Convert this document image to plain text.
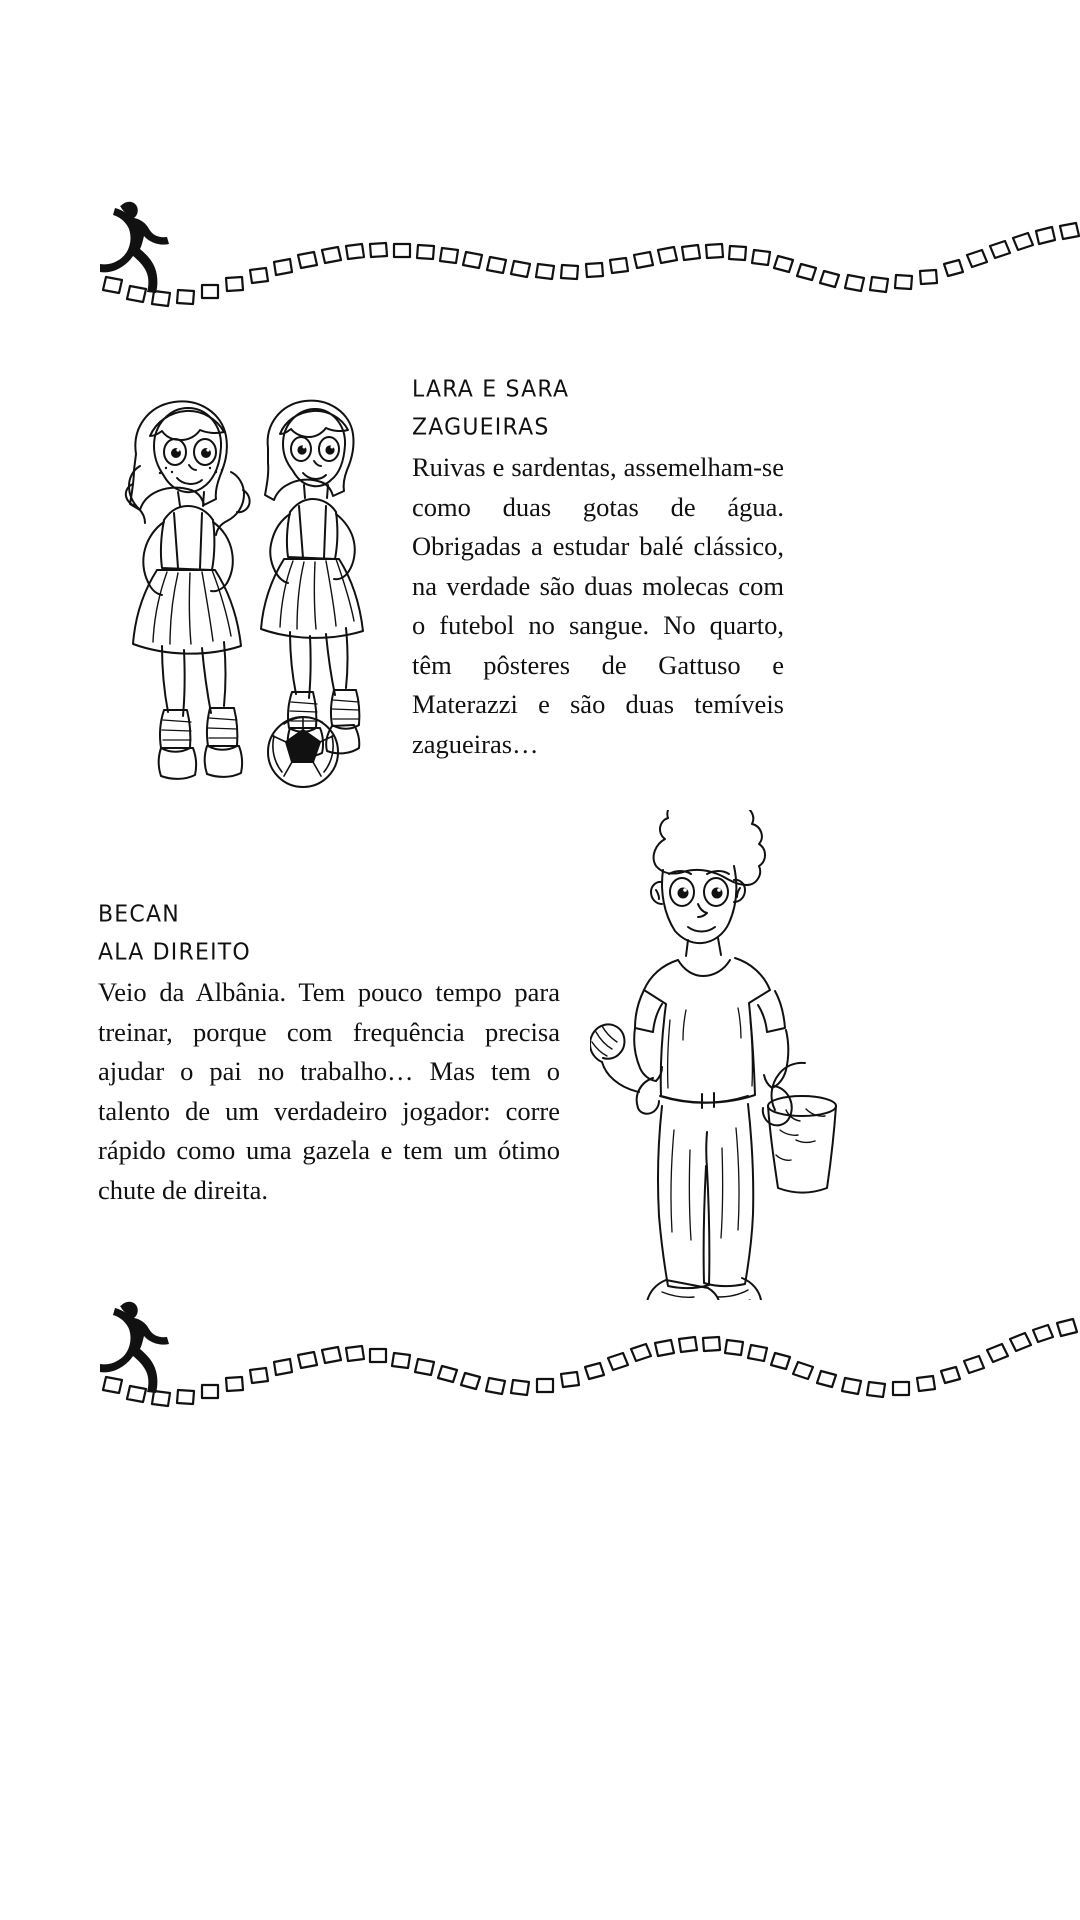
LARA E SARA
ZAGUEIRAS

Ruivas e sardentas, assemelham-se como duas gotas de água. Obrigadas a estudar balé clássico, na verdade são duas molecas com o futebol no sangue. No quarto, têm pôsteres de Gattuso e Materazzi e são duas temíveis zagueiras…

BECAN
ALA DIREITO

Veio da Albânia. Tem pouco tempo para treinar, porque com frequência precisa ajudar o pai no trabalho… Mas tem o talento de um verdadeiro jogador: corre rápido como uma gazela e tem um ótimo chute de direita.
